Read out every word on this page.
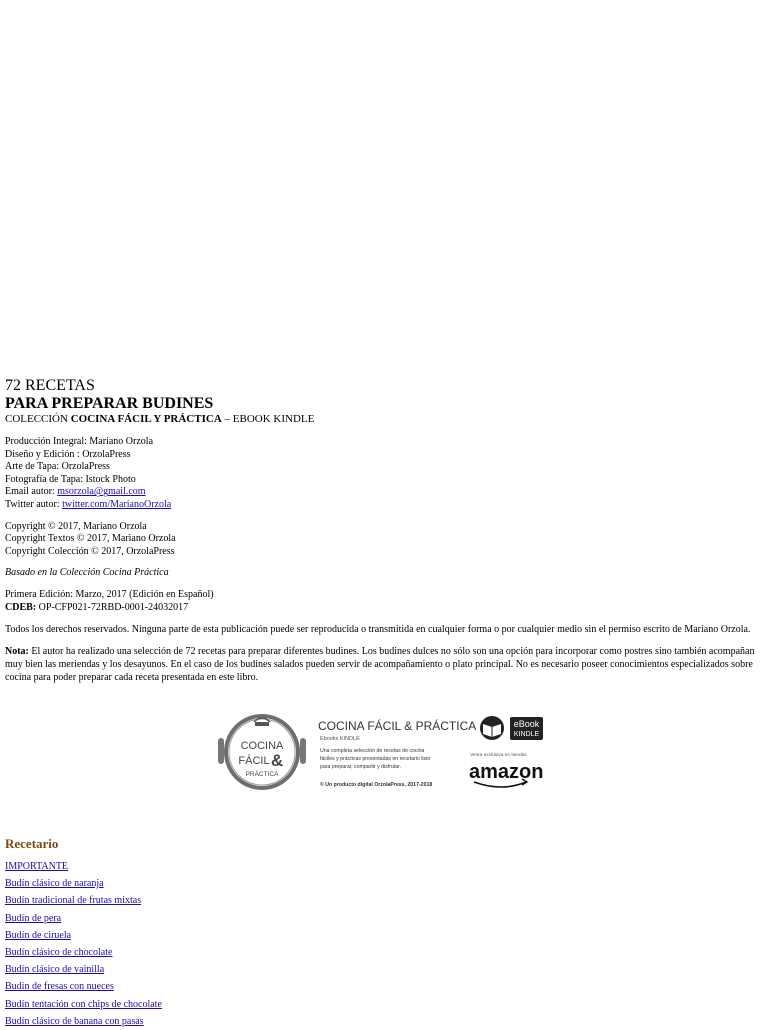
72 RECETAS

PARA PREPARAR BUDINES

COLECCIÓN COCINA FÁCIL Y PRÁCTICA – EBOOK KINDLE

Producción Integral: Mariano Orzola

Diseño y Edición : OrzolaPress

Arte de Tapa: OrzolaPress

Fotografía de Tapa: Istock Photo

Email autor: msorzola@gmail.com

Twitter autor: twitter.com/MarianoOrzola

Copyright © 2017, Mariano Orzola

Copyright Textos © 2017, Mariano Orzola

Copyright Colección © 2017, OrzolaPress

Basado en la Colección Cocina Práctica

Primera Edición: Marzo, 2017 (Edición en Español)

CDEB: OP-CFP021-72RBD-0001-24032017

Todos los derechos reservados. Ninguna parte de esta publicación puede ser reproducida o transmitida en cualquier forma o por cualquier medio sin el permiso escrito de Mariano Orzola.

Nota: El autor ha realizado una selección de 72 recetas para preparar diferentes budines. Los budines dulces no sólo son una opción para incorporar como postres sino también acompañan muy bien las meriendas y los desayunos. En el caso de los budines salados pueden servir de acompañamiento o plato principal. No es necesario poseer conocimientos especializados sobre cocina para poder preparar cada receta presentada en este libro.

COCINA
FÁCIL &
PRÁCTICA
COCINA FÁCIL & PRÁCTICA
Ebooks KINDLE
Una completa selección de recetas de cocina
fáciles y prácticas presentadas en recetario listo
para preparar, compartir y disfrutar.
© Un producto digital OrzolaPress, 2017-2018
eBook
KINDLE
Venta exclusiva en tiendas
amazon
Recetario
IMPORTANTE
Budín clásico de naranja
Budín tradicional de frutas mixtas
Budín de pera
Budín de ciruela
Budín clásico de chocolate
Budín clásico de vainilla
Budín de fresas con nueces
Budín tentación con chips de chocolate
Budín clásico de banana con pasas
